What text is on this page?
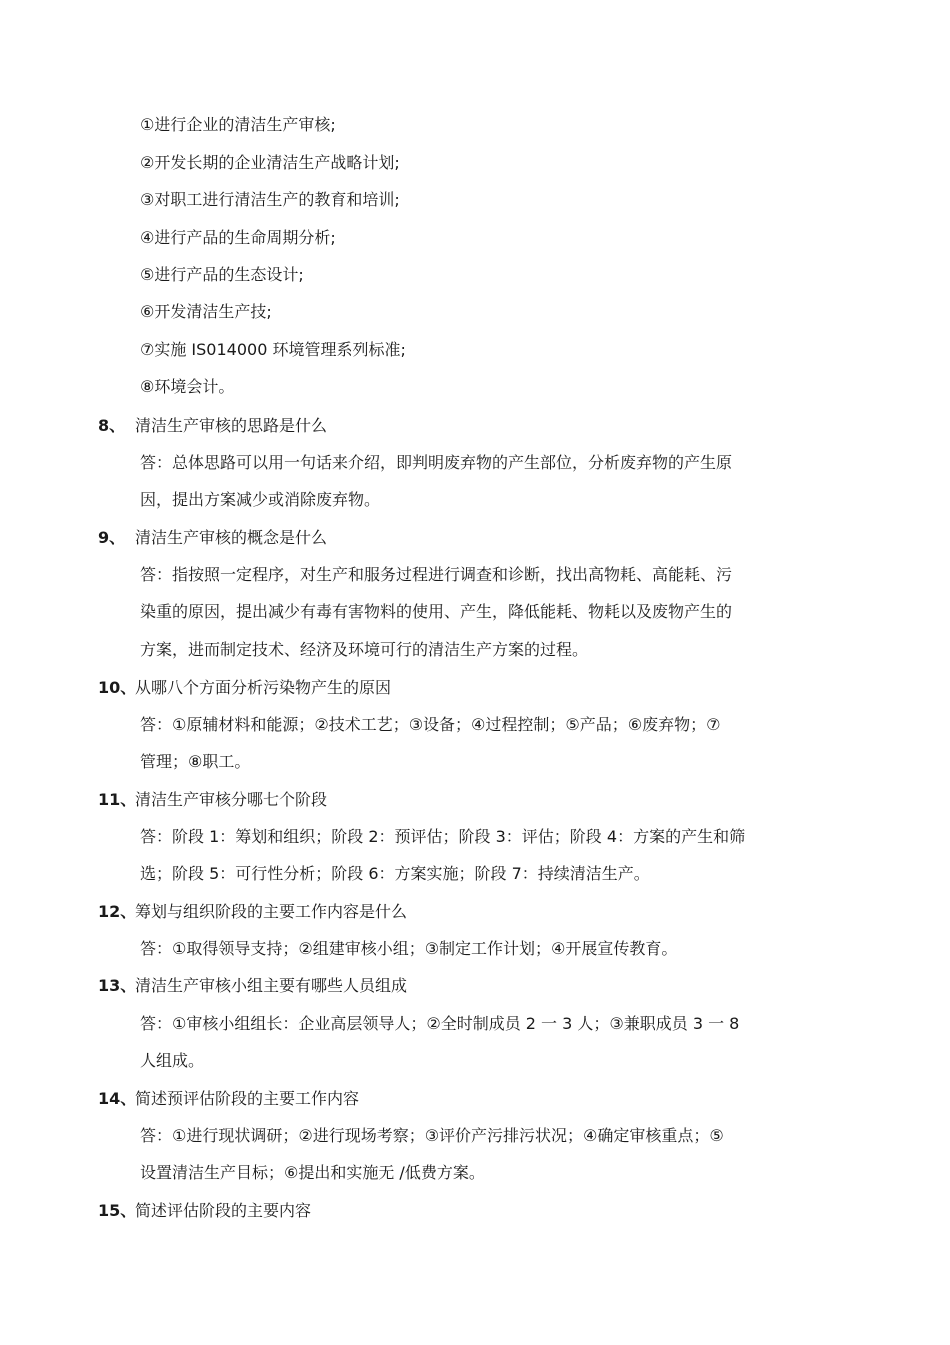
①进行企业的清洁生产审核;
②开发长期的企业清洁生产战略计划;
③对职工进行清洁生产的教育和培训;
④进行产品的生命周期分析;
⑤进行产品的生态设计;
⑥开发清洁生产技;
⑦实施 IS014000 环境管理系列标准;
⑧环境会计。
8、 清洁生产审核的思路是什么
答：总体思路可以用一句话来介绍，即判明废弃物的产生部位，分析废弃物的产生原
因，提出方案减少或消除废弃物。
9、 清洁生产审核的概念是什么
答：指按照一定程序，对生产和服务过程进行调查和诊断，找出高物耗、高能耗、污
染重的原因，提出减少有毒有害物料的使用、产生，降低能耗、物耗以及废物产生的
方案，进而制定技术、经济及环境可行的清洁生产方案的过程。
10、
从哪八个方面分析污染物产生的原因
答：①原辅材料和能源；②技术工艺；③设备；④过程控制；⑤产品；⑥废弃物；⑦
管理；⑧职工。
11、
清洁生产审核分哪七个阶段
答：阶段 1：筹划和组织；阶段 2：预评估；阶段 3：评估；阶段 4：方案的产生和筛
选；阶段 5：可行性分析；阶段 6：方案实施；阶段 7：持续清洁生产。
12、
筹划与组织阶段的主要工作内容是什么
答：①取得领导支持；②组建审核小组；③制定工作计划；④开展宣传教育。
13、
清洁生产审核小组主要有哪些人员组成
答：①审核小组组长：企业高层领导人；②全时制成员 2 一 3 人；③兼职成员 3 一 8
人组成。
14、
简述预评估阶段的主要工作内容
答：①进行现状调研；②进行现场考察；③评价产污排污状况；④确定审核重点；⑤
设置清洁生产目标；⑥提出和实施无 /低费方案。
15、
简述评估阶段的主要内容
